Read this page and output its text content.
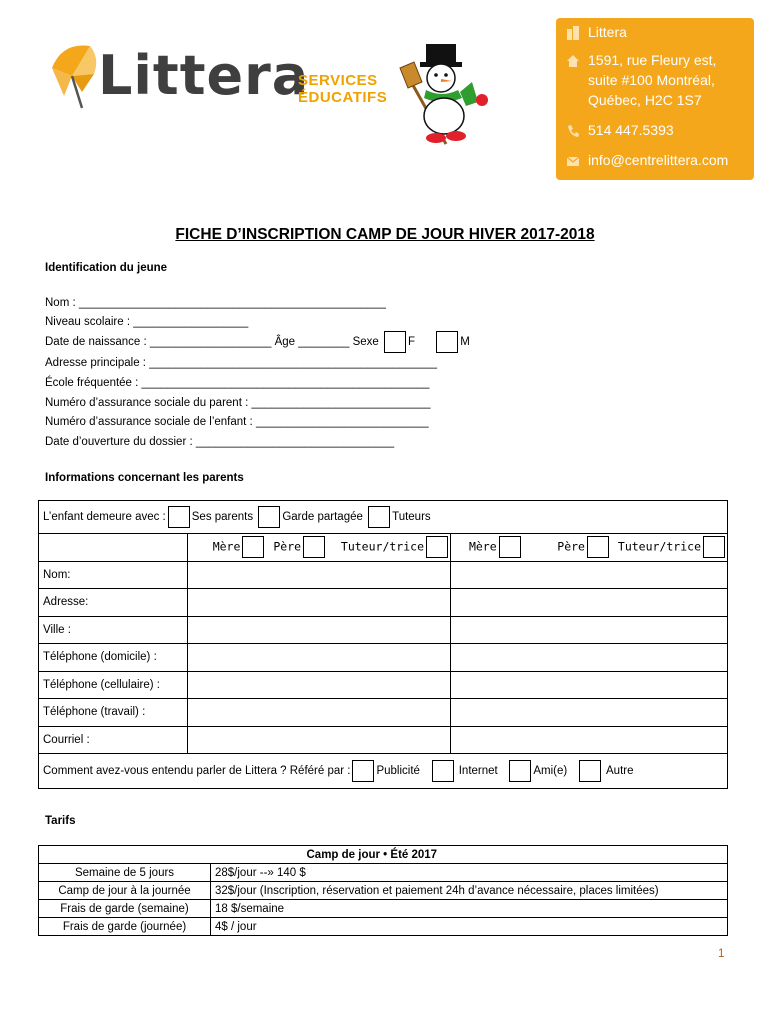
Littera
SERVICES
ÉDUCATIFS
Littera
1591, rue Fleury est,
suite #100 Montréal,
Québec, H2C 1S7
514 447.5393
info@centrelittera.com
FICHE D’INSCRIPTION CAMP DE JOUR HIVER 2017-2018
Identification du jeune
Nom : ________________________________________________
Niveau scolaire : __________________
Date de naissance : ___________________ Âge ________ Sexe	F	M
Adresse principale : _____________________________________________
École fréquentée : _____________________________________________
Numéro d’assurance sociale du parent : ____________________________
Numéro d’assurance sociale de l’enfant : ___________________________
Date d’ouverture du dossier : _______________________________
Informations concernant les parents
L’enfant demeure avec : Ses parents Garde partagée Tuteurs		
	Mère Père Tuteur/trice	Mère Père Tuteur/trice
Nom:		
Adresse:		
Ville :		
Téléphone (domicile) :		
Téléphone (cellulaire) :		
Téléphone (travail) :		
Courriel :		
Comment avez-vous entendu parler de Littera ? Référé par : Publicité Internet Ami(e) Autre		
Tarifs
	Camp de jour • Été 2017
Semaine de 5 jours	28$/jour --» 140 $
Camp de jour à la journée	32$/jour (Inscription, réservation et paiement 24h d’avance nécessaire, places limitées)
Frais de garde (semaine)	18 $/semaine
Frais de garde (journée)	4$ / jour
1
